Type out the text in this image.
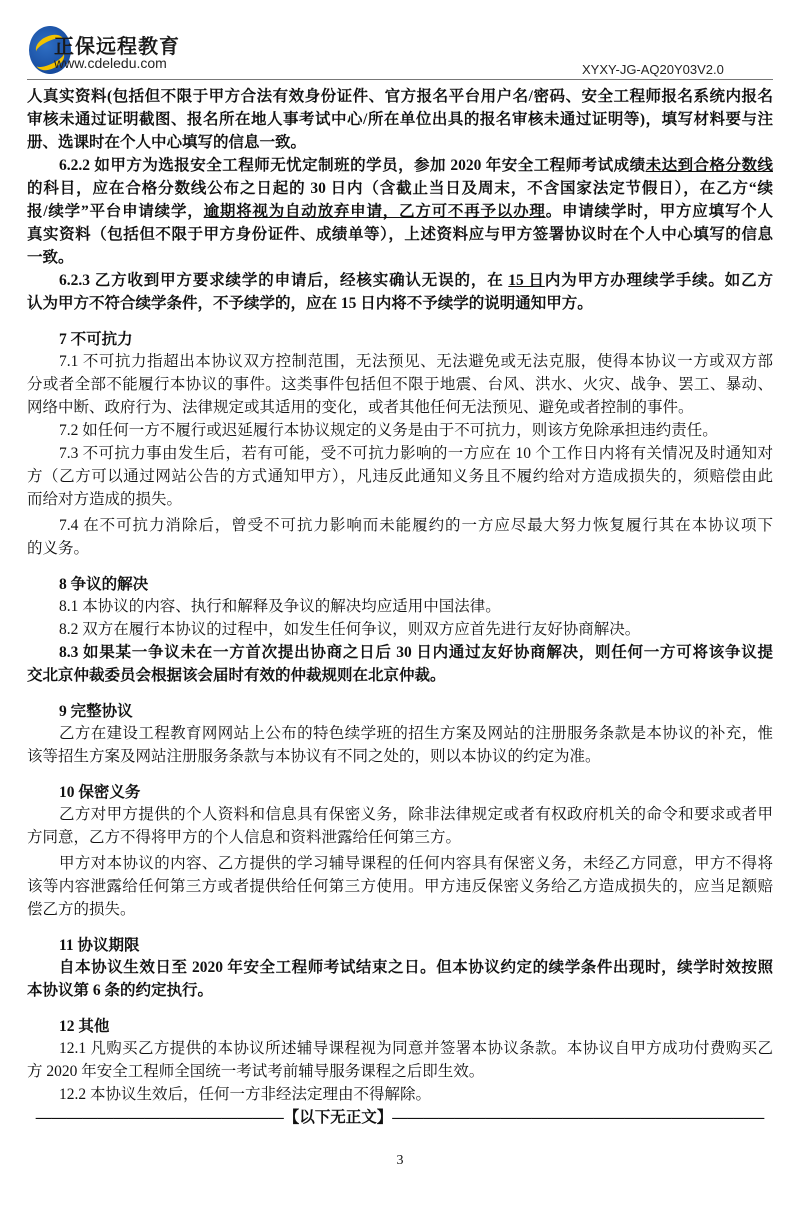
正保远程教育
www.cdeledu.com	XYXY-JG-AQ20Y03V2.0
人真实资料(包括但不限于甲方合法有效身份证件、官方报名平台用户名/密码、安全工程师报名系统内报名
审核未通过证明截图、报名所在地人事考试中心/所在单位出具的报名审核未通过证明等)，填写材料要与注
册、选课时在个人中心填写的信息一致。
6.2.2 如甲方为选报安全工程师无忧定制班的学员，参加 2020 年安全工程师考试成绩未达到合格分数线
的科目，应在合格分数线公布之日起的 30 日内（含截止当日及周末，不含国家法定节假日），在乙方“续
报/续学”平台申请续学，逾期将视为自动放弃申请，乙方可不再予以办理。申请续学时，甲方应填写个人
真实资料（包括但不限于甲方身份证件、成绩单等），上述资料应与甲方签署协议时在个人中心填写的信息
一致。
6.2.3 乙方收到甲方要求续学的申请后，经核实确认无误的，在 15 日内为甲方办理续学手续。如乙方
认为甲方不符合续学条件，不予续学的，应在 15 日内将不予续学的说明通知甲方。
7 不可抗力
7.1 不可抗力指超出本协议双方控制范围，无法预见、无法避免或无法克服，使得本协议一方或双方部
分或者全部不能履行本协议的事件。这类事件包括但不限于地震、台风、洪水、火灾、战争、罢工、暴动、
网络中断、政府行为、法律规定或其适用的变化，或者其他任何无法预见、避免或者控制的事件。
7.2 如任何一方不履行或迟延履行本协议规定的义务是由于不可抗力，则该方免除承担违约责任。
7.3 不可抗力事由发生后，若有可能，受不可抗力影响的一方应在 10 个工作日内将有关情况及时通知对
方（乙方可以通过网站公告的方式通知甲方），凡违反此通知义务且不履约给对方造成损失的，须赔偿由此
而给对方造成的损失。
7.4 在不可抗力消除后，曾受不可抗力影响而未能履约的一方应尽最大努力恢复履行其在本协议项下
的义务。
8 争议的解决
8.1 本协议的内容、执行和解释及争议的解决均应适用中国法律。
8.2 双方在履行本协议的过程中，如发生任何争议，则双方应首先进行友好协商解决。
8.3 如果某一争议未在一方首次提出协商之日后 30 日内通过友好协商解决，则任何一方可将该争议提
交北京仲裁委员会根据该会届时有效的仲裁规则在北京仲裁。
9 完整协议
乙方在建设工程教育网网站上公布的特色续学班的招生方案及网站的注册服务条款是本协议的补充，惟
该等招生方案及网站注册服务条款与本协议有不同之处的，则以本协议的约定为准。
10 保密义务
乙方对甲方提供的个人资料和信息具有保密义务，除非法律规定或者有权政府机关的命令和要求或者甲
方同意，乙方不得将甲方的个人信息和资料泄露给任何第三方。
甲方对本协议的内容、乙方提供的学习辅导课程的任何内容具有保密义务，未经乙方同意，甲方不得将
该等内容泄露给任何第三方或者提供给任何第三方使用。甲方违反保密义务给乙方造成损失的，应当足额赔
偿乙方的损失。
11 协议期限
自本协议生效日至 2020 年安全工程师考试结束之日。但本协议约定的续学条件出现时，续学时效按照
本协议第 6 条的约定执行。
12 其他
12.1 凡购买乙方提供的本协议所述辅导课程视为同意并签署本协议条款。本协议自甲方成功付费购买乙
方 2020 年安全工程师全国统一考试考前辅导服务课程之后即生效。
12.2 本协议生效后，任何一方非经法定理由不得解除。
————————————————【以下无正文】————————————————————————
3
